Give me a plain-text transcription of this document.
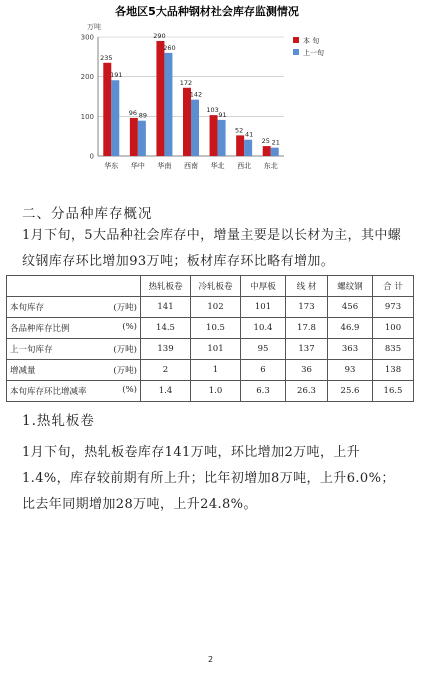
各地区5大品种钢材社会库存监测情况
万吨
0
100
200
300
235
191
华东
96 89
华中
290
260
华南
172
142
西南
103
91
华北
52
41
西北
25 21
东北
本 旬
上一旬
二、分品种库存概况
1月下旬，5大品种社会库存中，增量主要是以长材为主，其中螺纹钢库存环比增加93万吨；板材库存环比略有增加。
	热轧板卷	冷轧板卷	中厚板	线 材	螺纹钢	合 计

本旬库存 (万吨)	141	102	101	173	456	973

各品种库存比例 (%)	14.5	10.5	10.4	17.8	46.9	100

上一旬库存 (万吨)	139	101	95	137	363	835

增减量 (万吨)	2	1	6	36	93	138

本旬库存环比增减率 (%)	1.4	1.0	6.3	26.3	25.6	16.5
1.热轧板卷
1月下旬，热轧板卷库存141万吨，环比增加2万吨，上升1.4%，库存较前期有所上升；比年初增加8万吨，上升6.0%；比去年同期增加28万吨，上升24.8%。
2
